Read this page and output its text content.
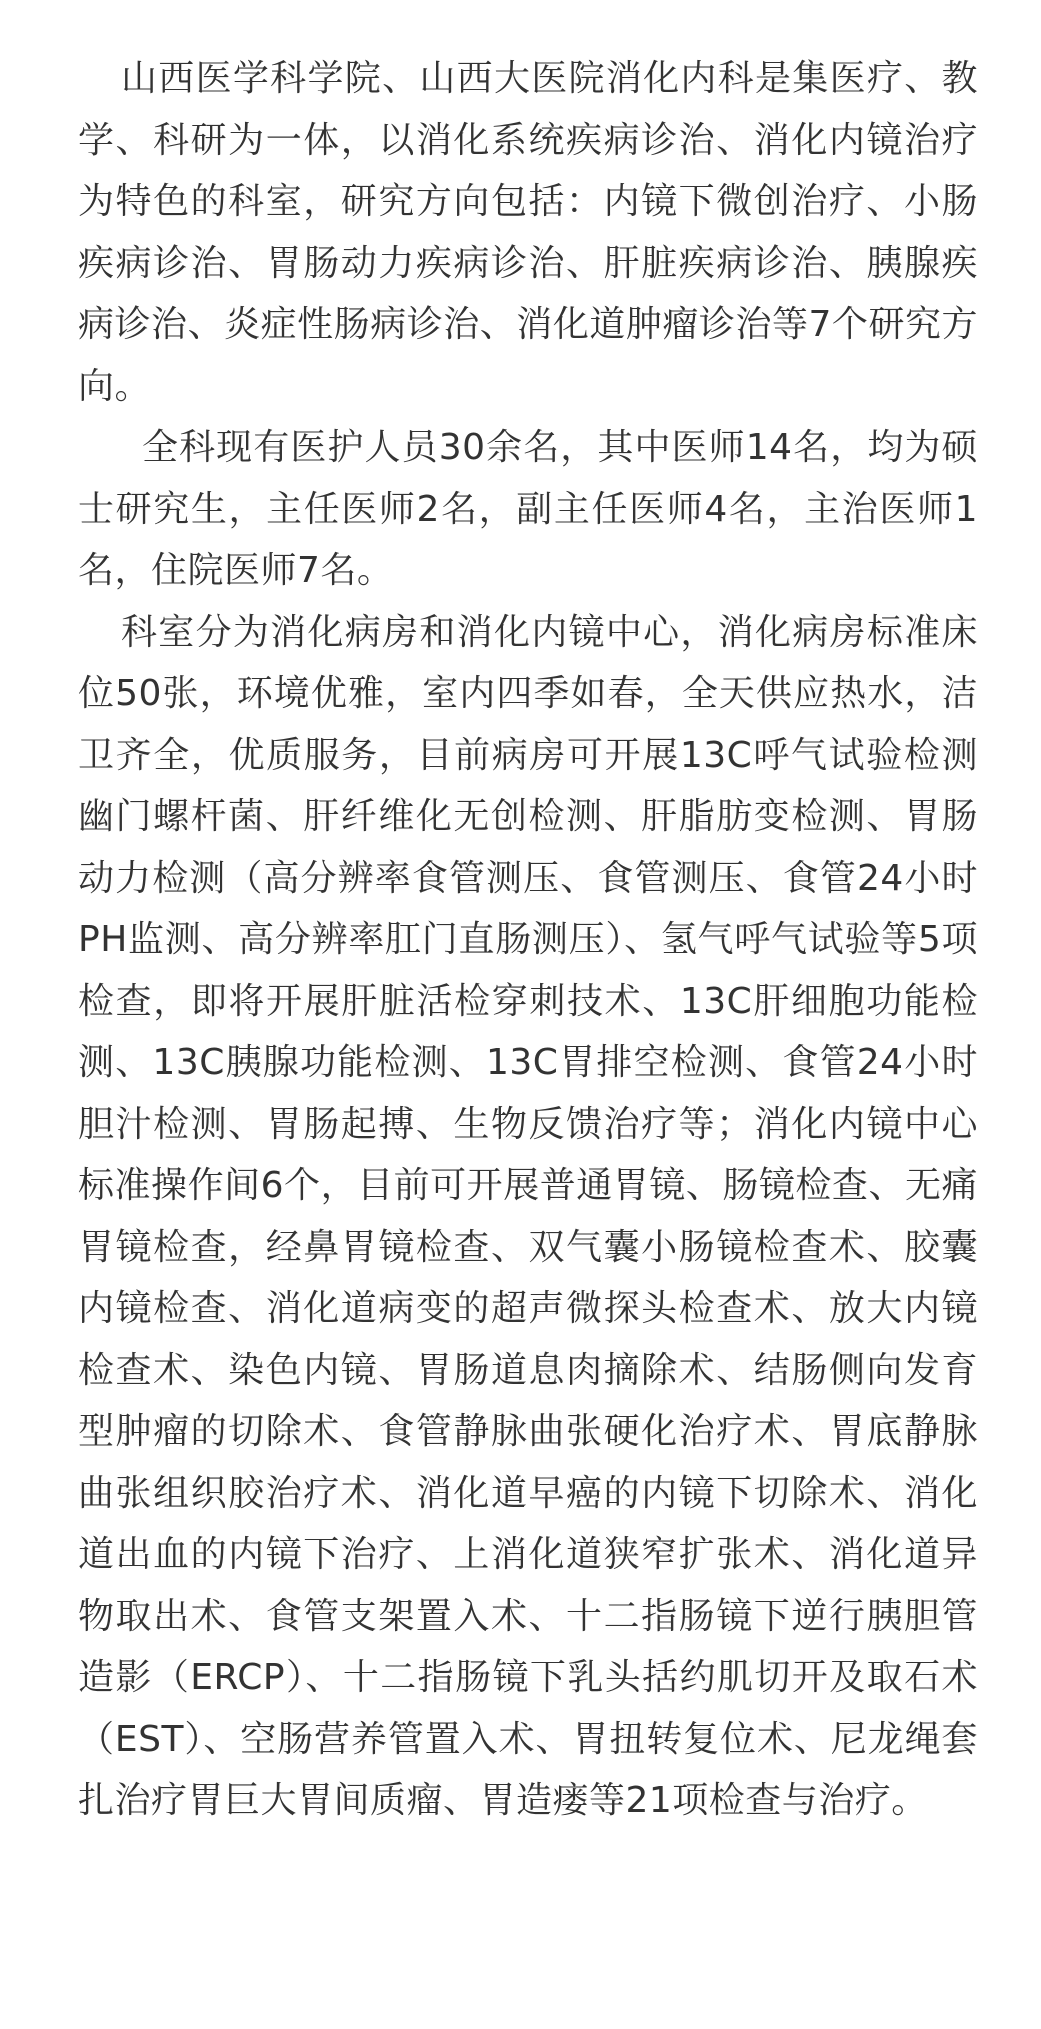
山西医学科学院、山西大医院消化内科是集医疗、教学、科研为一体，以消化系统疾病诊治、消化内镜治疗为特色的科室，研究方向包括：内镜下微创治疗、小肠疾病诊治、胃肠动力疾病诊治、肝脏疾病诊治、胰腺疾病诊治、炎症性肠病诊治、消化道肿瘤诊治等7个研究方向。

全科现有医护人员30余名，其中医师14名，均为硕士研究生，主任医师2名，副主任医师4名，主治医师1名，住院医师7名。

科室分为消化病房和消化内镜中心，消化病房标准床位50张，环境优雅，室内四季如春，全天供应热水，洁卫齐全，优质服务，目前病房可开展13C呼气试验检测幽门螺杆菌、肝纤维化无创检测、肝脂肪变检测、胃肠动力检测（高分辨率食管测压、食管测压、食管24小时PH监测、高分辨率肛门直肠测压）、氢气呼气试验等5项检查，即将开展肝脏活检穿刺技术、13C肝细胞功能检测、13C胰腺功能检测、13C胃排空检测、食管24小时胆汁检测、胃肠起搏、生物反馈治疗等；消化内镜中心标准操作间6个，目前可开展普通胃镜、肠镜检查、无痛胃镜检查，经鼻胃镜检查、双气囊小肠镜检查术、胶囊内镜检查、消化道病变的超声微探头检查术、放大内镜检查术、染色内镜、胃肠道息肉摘除术、结肠侧向发育型肿瘤的切除术、食管静脉曲张硬化治疗术、胃底静脉曲张组织胶治疗术、消化道早癌的内镜下切除术、消化道出血的内镜下治疗、上消化道狭窄扩张术、消化道异物取出术、食管支架置入术、十二指肠镜下逆行胰胆管造影（ERCP）、十二指肠镜下乳头括约肌切开及取石术（EST）、空肠营养管置入术、胃扭转复位术、尼龙绳套扎治疗胃巨大胃间质瘤、胃造瘘等21项检查与治疗。
